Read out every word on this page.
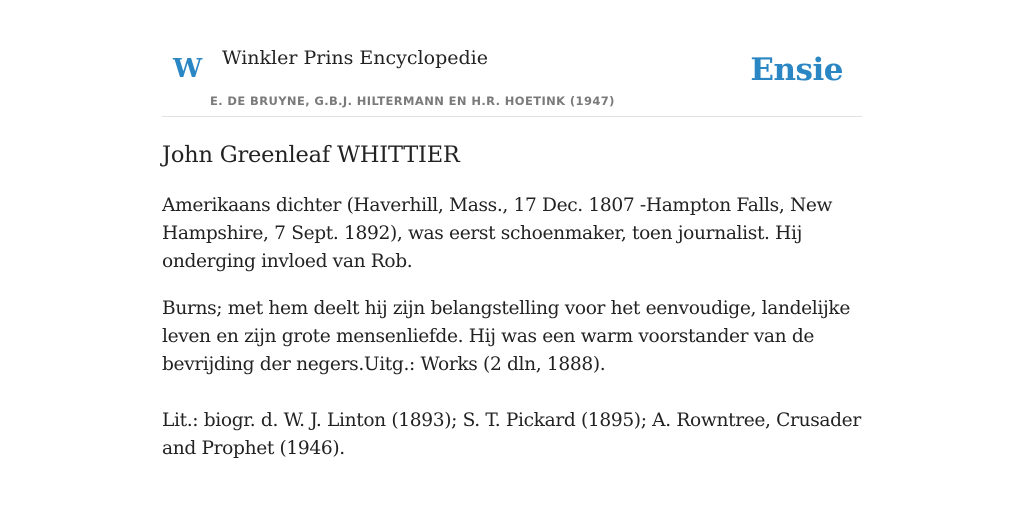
W Winkler Prins Encyclopedie
E. DE BRUYNE, G.B.J. HILTERMANN EN H.R. HOETINK (1947)
Ensie
John Greenleaf WHITTIER

Amerikaans dichter (Haverhill, Mass., 17 Dec. 1807 -Hampton Falls, New Hampshire, 7 Sept. 1892), was eerst schoenmaker, toen journalist. Hij onderging invloed van Rob.

Burns; met hem deelt hij zijn belangstelling voor het eenvoudige, landelijke leven en zijn grote mensenliefde. Hij was een warm voorstander van de bevrijding der negers.Uitg.: Works (2 dln, 1888).

Lit.: biogr. d. W. J. Linton (1893); S. T. Pickard (1895); A. Rowntree, Crusader and Prophet (1946).
